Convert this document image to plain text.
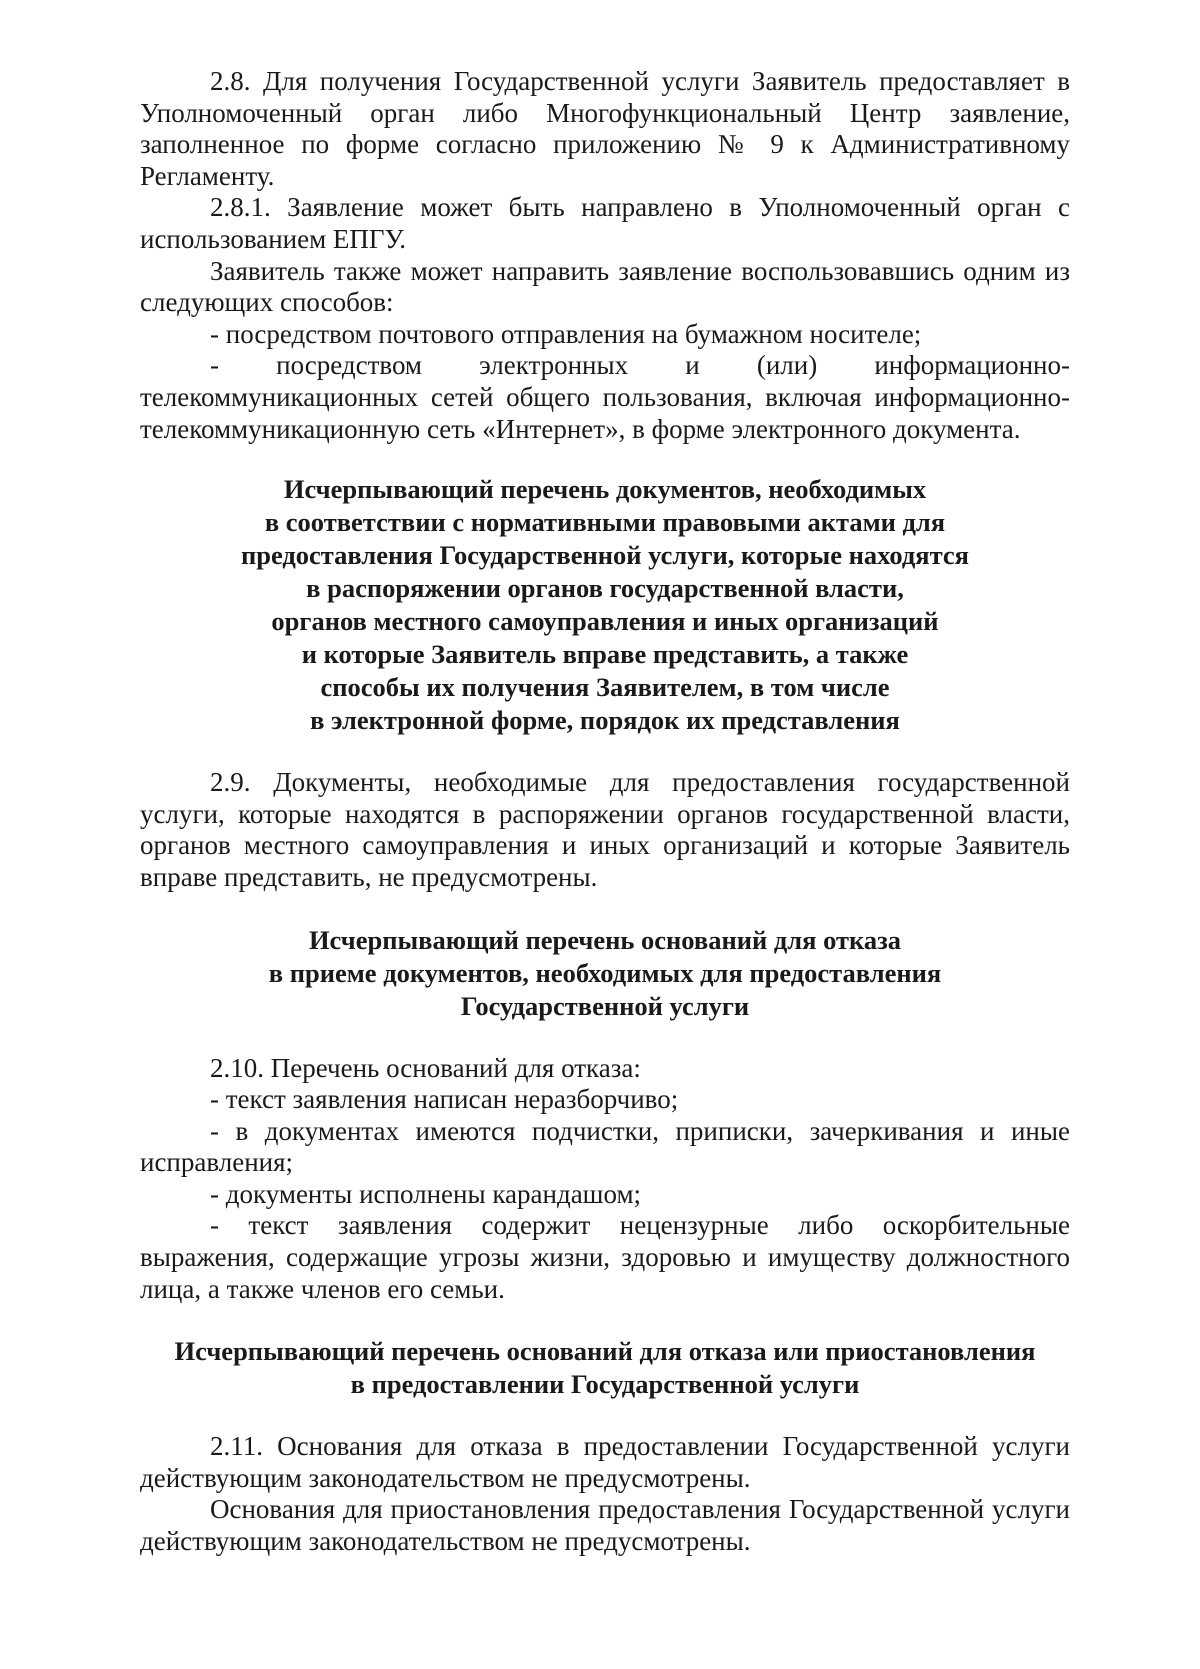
2.8. Для получения Государственной услуги Заявитель предоставляет в Уполномоченный орган либо Многофункциональный Центр заявление, заполненное по форме согласно приложению № 9 к Административному Регламенту.

2.8.1. Заявление может быть направлено в Уполномоченный орган с использованием ЕПГУ.

Заявитель также может направить заявление воспользовавшись одним из следующих способов:

- посредством почтового отправления на бумажном носителе;

- посредством электронных и (или) информационно-телекоммуникационных сетей общего пользования, включая информационно-телекоммуникационную сеть «Интернет», в форме электронного документа.

Исчерпывающий перечень документов, необходимых
в соответствии с нормативными правовыми актами для
предоставления Государственной услуги, которые находятся
в распоряжении органов государственной власти,
органов местного самоуправления и иных организаций
и которые Заявитель вправе представить, а также
способы их получения Заявителем, в том числе
в электронной форме, порядок их представления

2.9. Документы, необходимые для предоставления государственной услуги, которые находятся в распоряжении органов государственной власти, органов местного самоуправления и иных организаций и которые Заявитель вправе представить, не предусмотрены.

Исчерпывающий перечень оснований для отказа
в приеме документов, необходимых для предоставления
Государственной услуги

2.10. Перечень оснований для отказа:

- текст заявления написан неразборчиво;

- в документах имеются подчистки, приписки, зачеркивания и иные исправления;

- документы исполнены карандашом;

- текст заявления содержит нецензурные либо оскорбительные выражения, содержащие угрозы жизни, здоровью и имуществу должностного лица, а также членов его семьи.

Исчерпывающий перечень оснований для отказа или приостановления
в предоставлении Государственной услуги

2.11. Основания для отказа в предоставлении Государственной услуги действующим законодательством не предусмотрены.

Основания для приостановления предоставления Государственной услуги действующим законодательством не предусмотрены.
